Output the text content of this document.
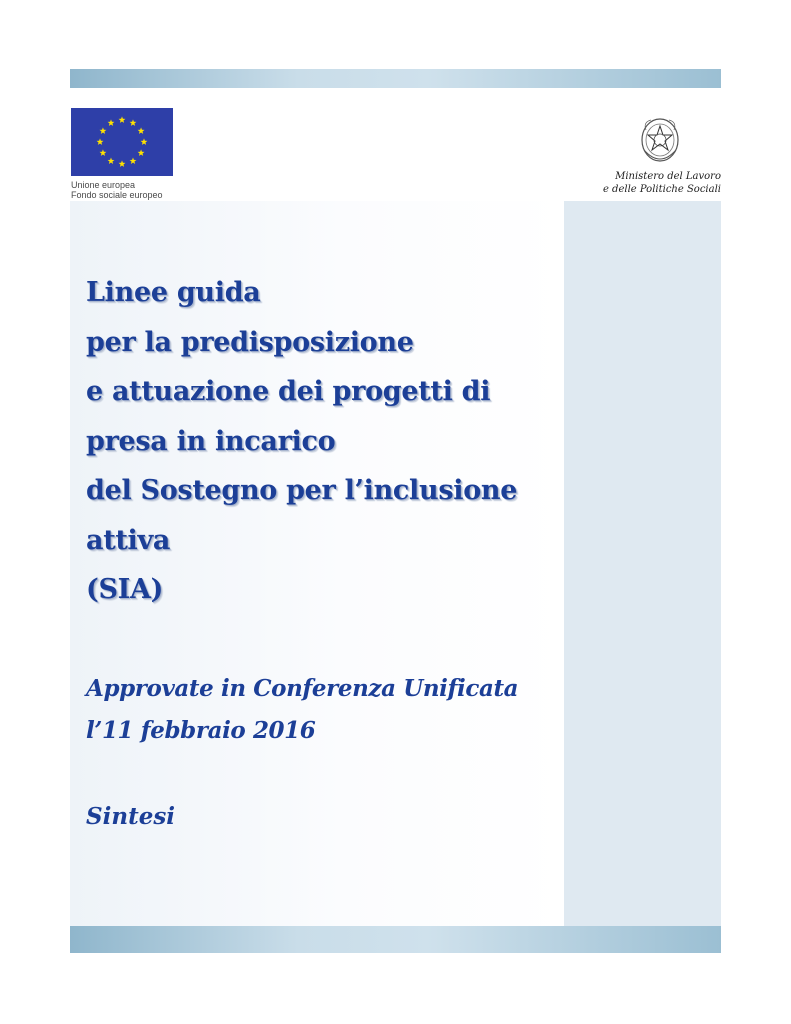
Unione europea
Fondo sociale europeo
Ministero del Lavoro
e delle Politiche Sociali
Linee guida
per la predisposizione
e attuazione dei progetti di
presa in incarico
del Sostegno per l’inclusione
attiva
(SIA)
Approvate in Conferenza Unificata
l’11 febbraio 2016
Sintesi
